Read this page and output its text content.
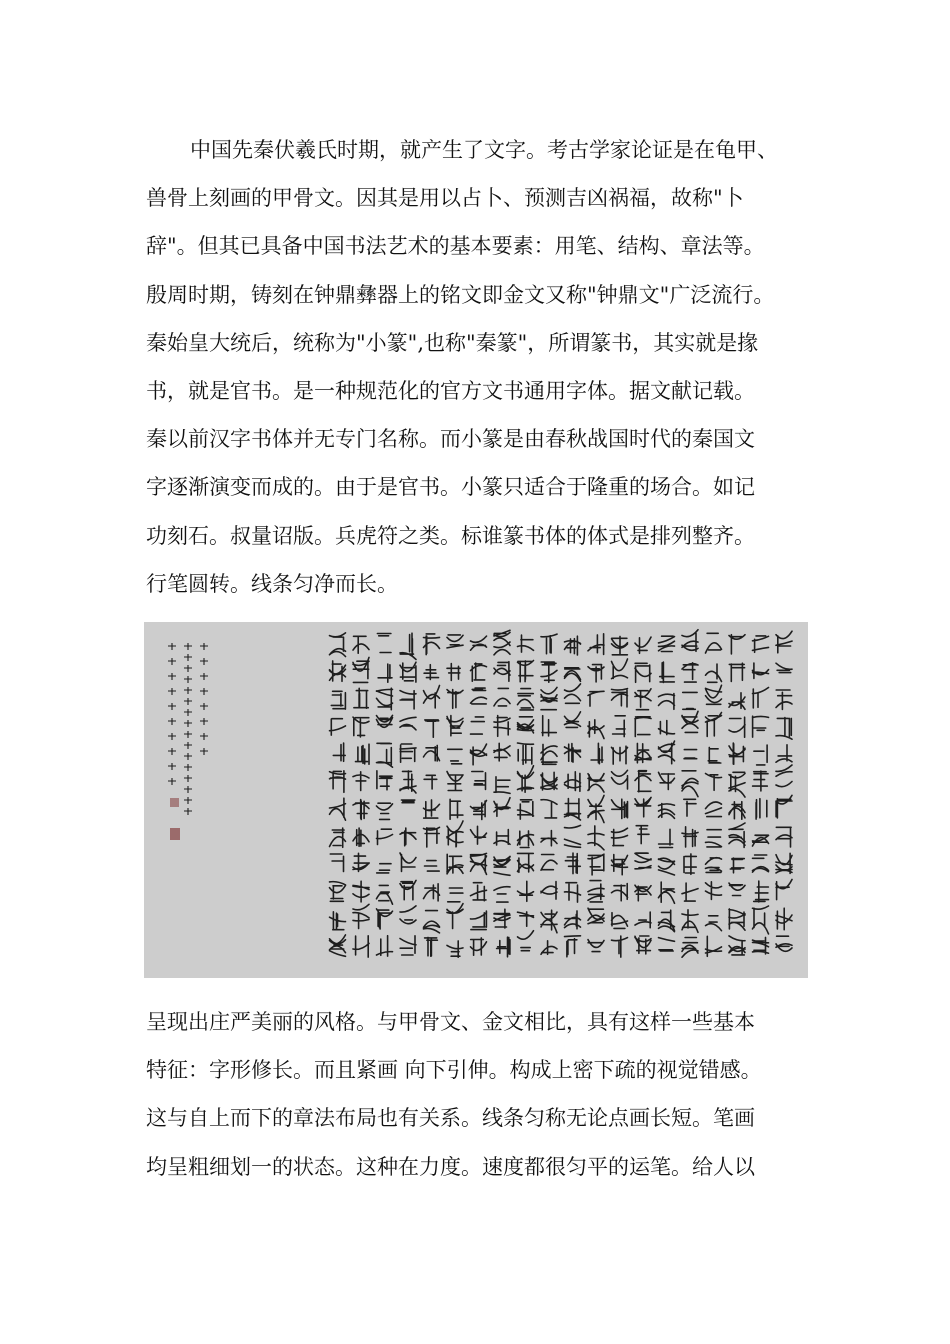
中国先秦伏羲氏时期，就产生了文字。考古学家论证是在龟甲、
兽骨上刻画的甲骨文。因其是用以占卜、预测吉凶祸福，故称"卜
辞"。但其已具备中国书法艺术的基本要素：用笔、结构、章法等。
殷周时期，铸刻在钟鼎彝器上的铭文即金文又称"钟鼎文"广泛流行。
秦始皇大统后，统称为"小篆",也称"秦篆"，所谓篆书，其实就是掾
书，就是官书。是一种规范化的官方文书通用字体。据文献记载。
秦以前汉字书体并无专门名称。而小篆是由春秋战国时代的秦国文
字逐渐演变而成的。由于是官书。小篆只适合于隆重的场合。如记
功刻石。叔量诏版。兵虎符之类。标谁篆书体的体式是排列整齐。
行笔圆转。线条匀净而长。
呈现出庄严美丽的风格。与甲骨文、金文相比，具有这样一些基本
特征：字形修长。而且紧画 向下引伸。构成上密下疏的视觉错感。
这与自上而下的章法布局也有关系。线条匀称无论点画长短。笔画
均呈粗细划一的状态。这种在力度。速度都很匀平的运笔。给人以
